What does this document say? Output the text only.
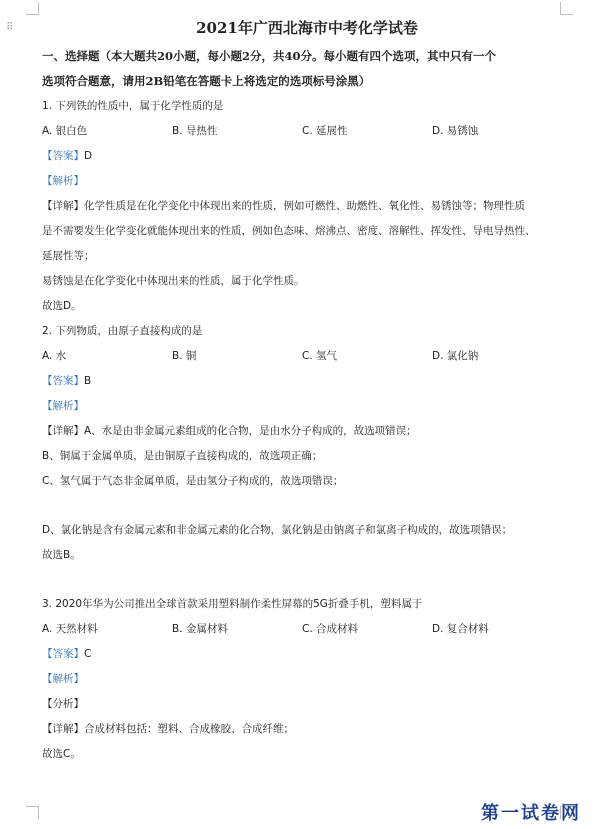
⠿	2021年广西北海市中考化学试卷
一、选择题（本大题共20小题，每小题2分，共40分。每小题有四个选项，其中只有一个
选项符合题意，请用2B铅笔在答题卡上将选定的选项标号涂黑）
1. 下列铁的性质中，属于化学性质的是
A. 银白色	B. 导热性	C. 延展性	D. 易锈蚀
【答案】D
【解析】
【详解】化学性质是在化学变化中体现出来的性质，例如可燃性、助燃性、氧化性、易锈蚀等；物理性质
是不需要发生化学变化就能体现出来的性质，例如色态味、熔沸点、密度、溶解性、挥发性、导电导热性、
延展性等；
易锈蚀是在化学变化中体现出来的性质，属于化学性质。
故选D。
2. 下列物质，由原子直接构成的是
A. 水	B. 铜	C. 氢气	D. 氯化钠
【答案】B
【解析】
【详解】A、水是由非金属元素组成的化合物，是由水分子构成的，故选项错误；
B、铜属于金属单质，是由铜原子直接构成的，故选项正确；
C、氢气属于气态非金属单质，是由氢分子构成的，故选项错误；
D、氯化钠是含有金属元素和非金属元素的化合物，氯化钠是由钠离子和氯离子构成的，故选项错误；
故选B。
3. 2020年华为公司推出全球首款采用塑料制作柔性屏幕的5G折叠手机，塑料属于
A. 天然材料	B. 金属材料	C. 合成材料	D. 复合材料
【答案】C
【解析】
【分析】
【详解】合成材料包括：塑料、合成橡胶、合成纤维；
故选C。
第一试卷网
